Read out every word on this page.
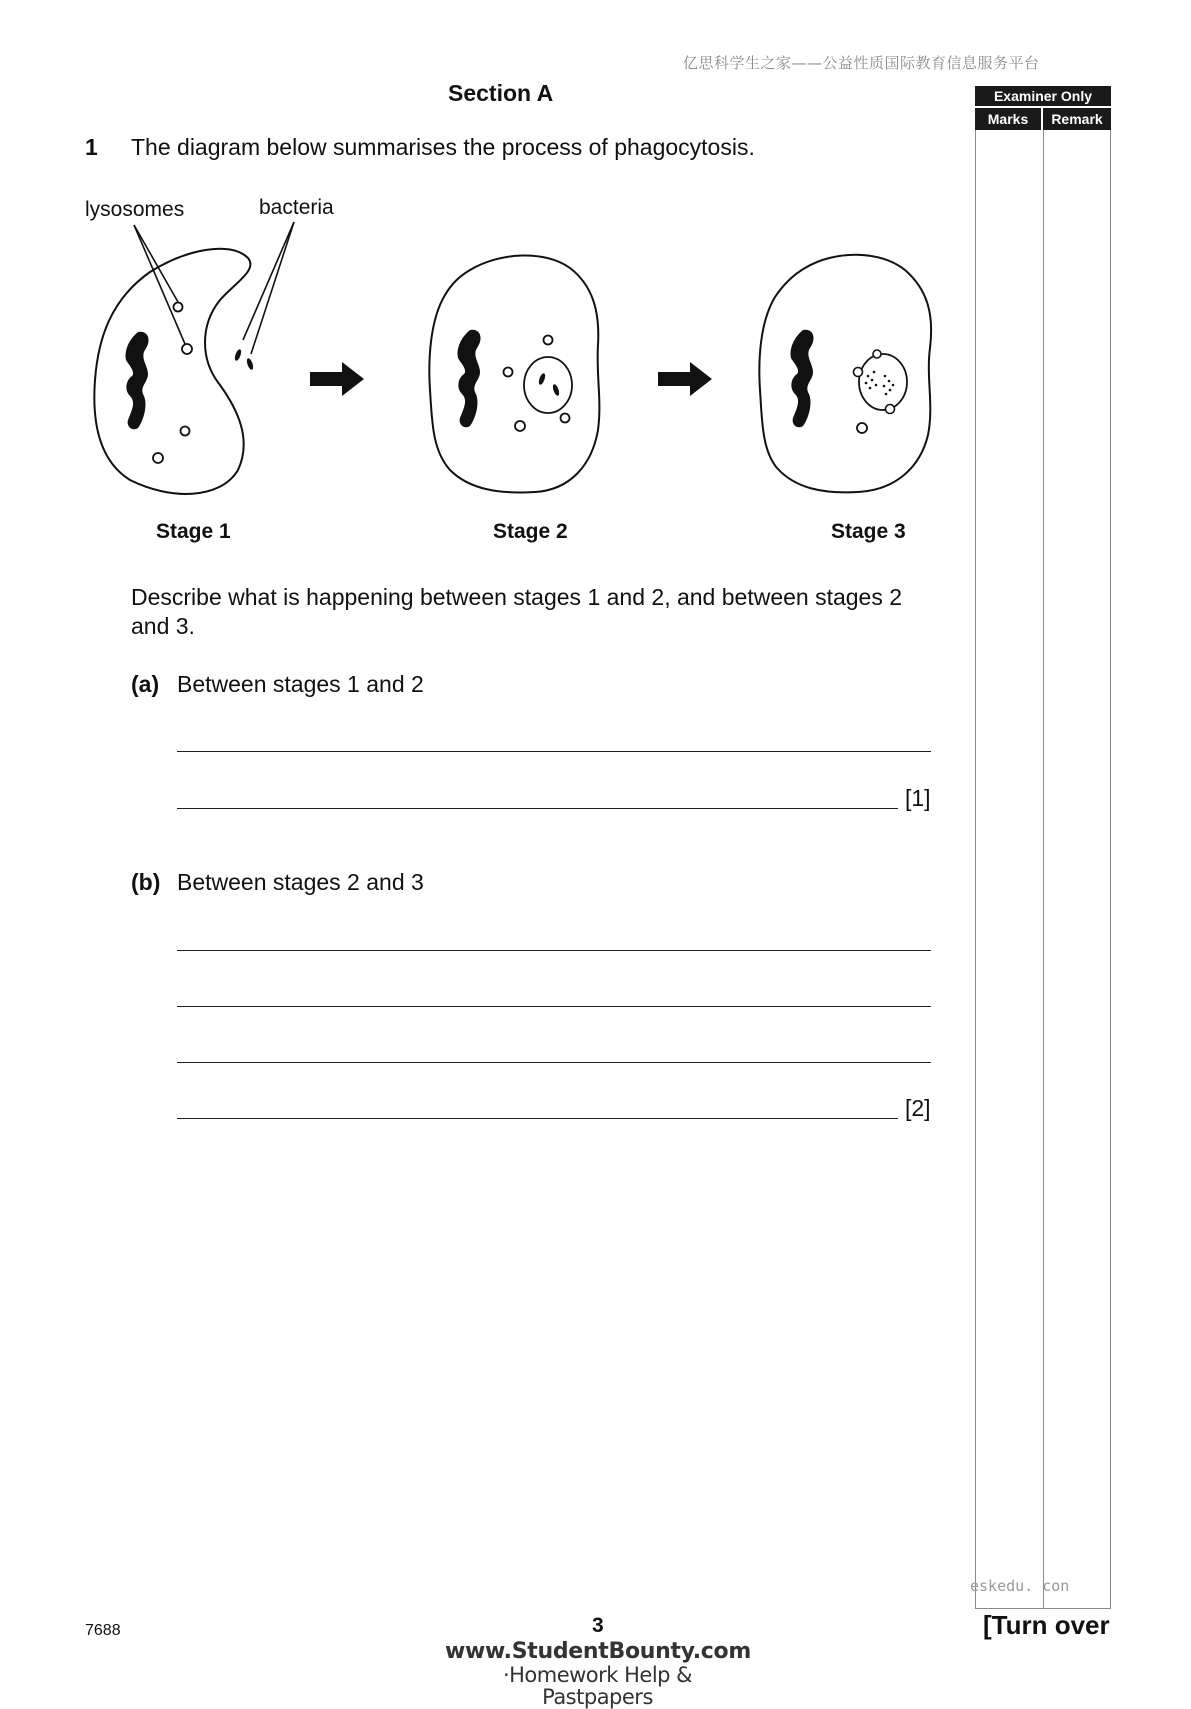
亿思科学生之家——公益性质国际教育信息服务平台
Examiner Only
Marks	Remark
Section A
1 The diagram below summarises the process of phagocytosis.
lysosomes	bacteria
Stage 1	Stage 2	Stage 3
Describe what is happening between stages 1 and 2, and between stages 2 and 3.
(a) Between stages 1 and 2
[1]
(b) Between stages 2 and 3
[2]
eskedu. con
7688	3	[Turn over
www.StudentBounty.com
·Homework Help & Pastpapers
